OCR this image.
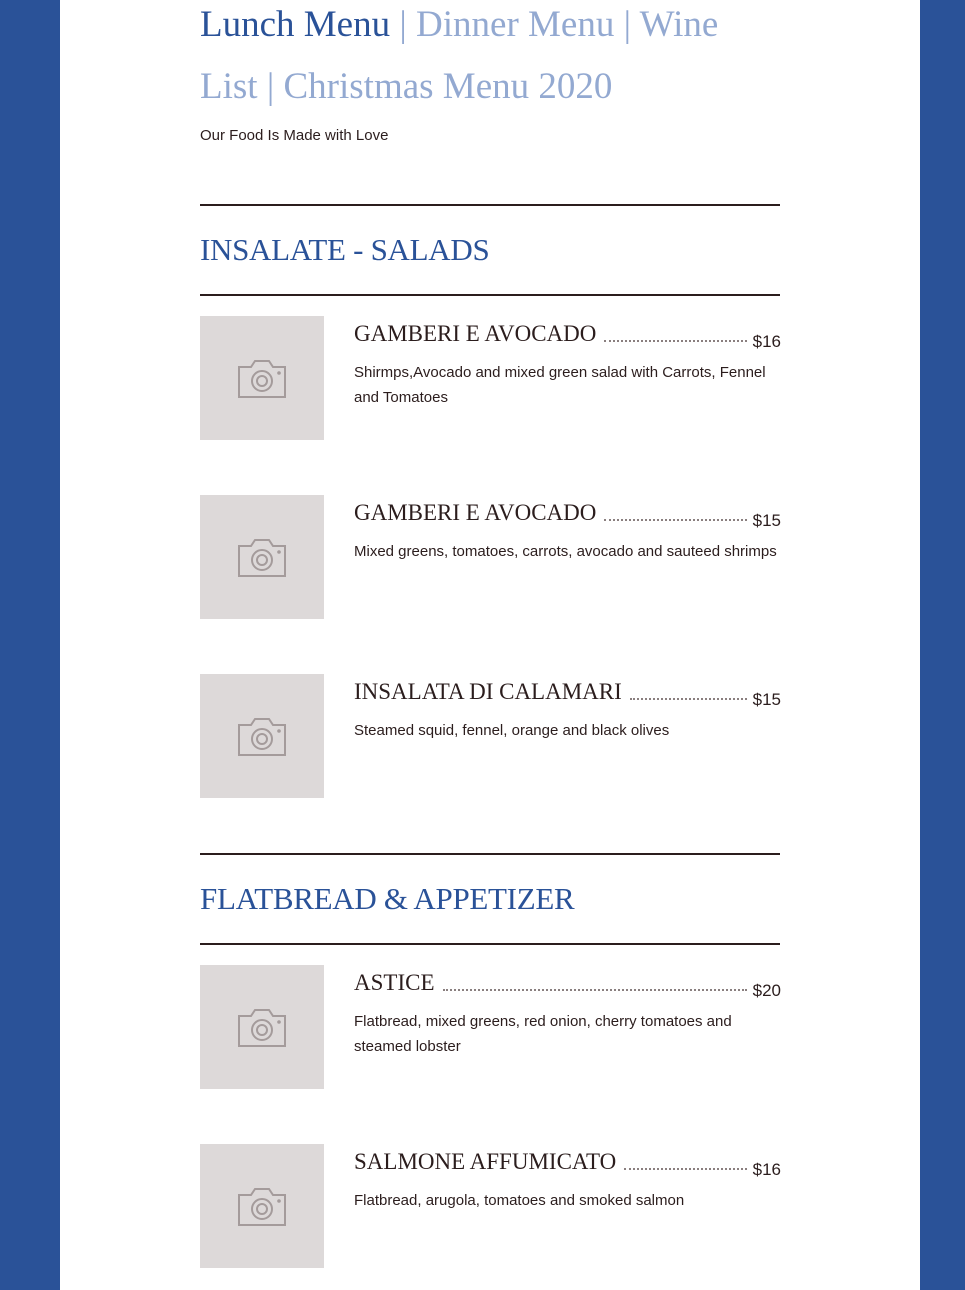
Lunch Menu | Dinner Menu | Wine List | Christmas Menu 2020
Our Food Is Made with Love
INSALATE - SALADS
GAMBERI E AVOCADO	$16
Shirmps,Avocado and mixed green salad with Carrots, Fennel and Tomatoes
GAMBERI E AVOCADO	$15
Mixed greens, tomatoes, carrots, avocado and sauteed shrimps
INSALATA DI CALAMARI	$15
Steamed squid, fennel, orange and black olives
FLATBREAD & APPETIZER
ASTICE	$20
Flatbread, mixed greens, red onion, cherry tomatoes and steamed lobster
SALMONE AFFUMICATO	$16
Flatbread, arugola, tomatoes and smoked salmon
